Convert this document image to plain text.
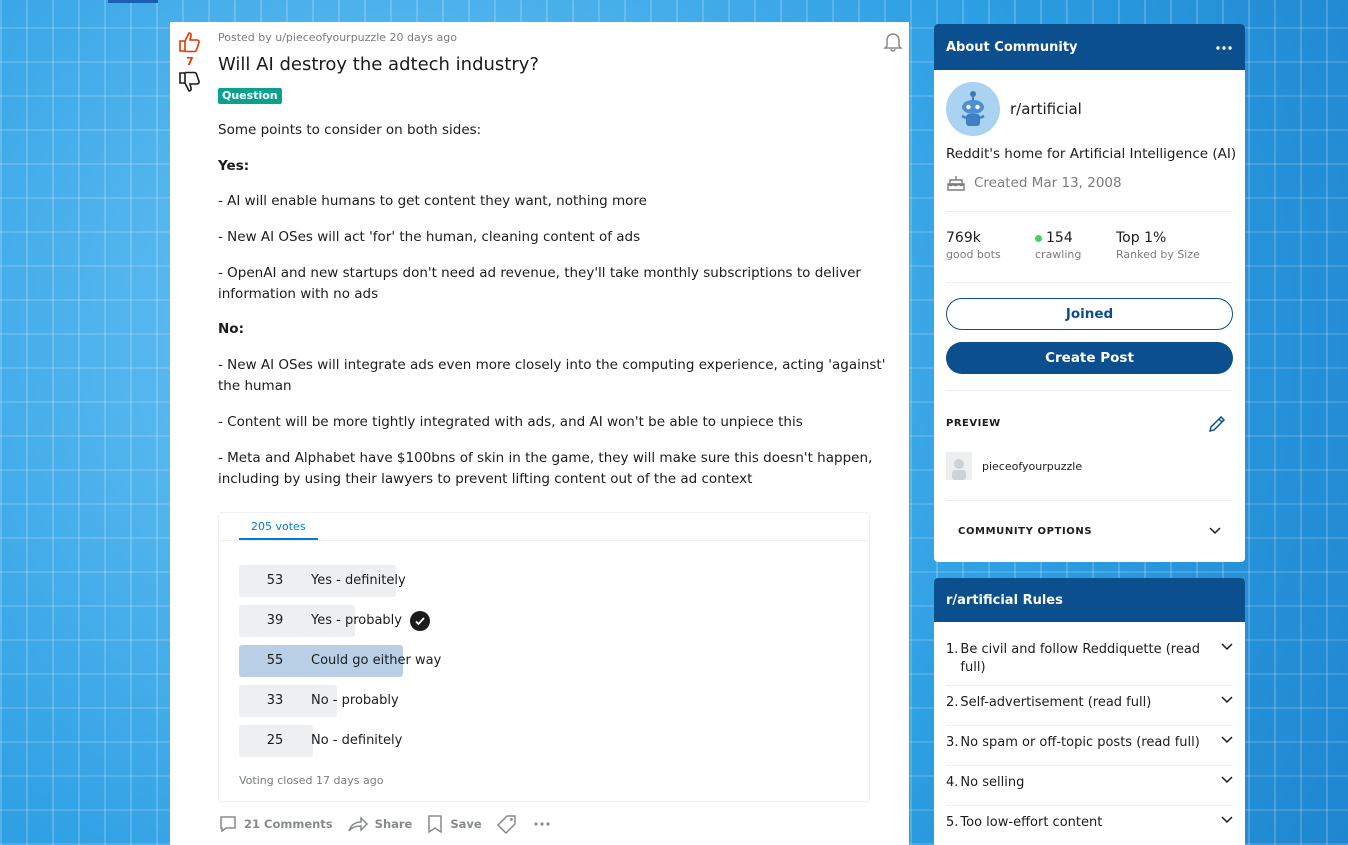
7
Posted by u/pieceofyourpuzzle 20 days ago
Will AI destroy the adtech industry?
Question
Some points to consider on both sides:
Yes:
- AI will enable humans to get content they want, nothing more
- New AI OSes will act 'for' the human, cleaning content of ads
- OpenAI and new startups don't need ad revenue, they'll take monthly subscriptions to deliver information with no ads
No:
- New AI OSes will integrate ads even more closely into the computing experience, acting 'against' the human
- Content will be more tightly integrated with ads, and AI won't be able to unpiece this
- Meta and Alphabet have $100bns of skin in the game, they will make sure this doesn't happen, including by using their lawyers to prevent lifting content out of the ad context
205 votes
53	Yes - definitely
39	Yes - probably
55	Could go either way
33	No - probably
25	No - definitely
Voting closed 17 days ago
21 Comments	Share	Save
About Community
r/artificial
Reddit's home for Artificial Intelligence (AI)
Created Mar 13, 2008
769k
good bots
154
crawling
Top 1%
Ranked by Size
Joined
Create Post
PREVIEW
pieceofyourpuzzle
COMMUNITY OPTIONS
r/artificial Rules
1. Be civil and follow Reddiquette (read full)
2. Self-advertisement (read full)
3. No spam or off-topic posts (read full)
4. No selling
5. Too low-effort content
